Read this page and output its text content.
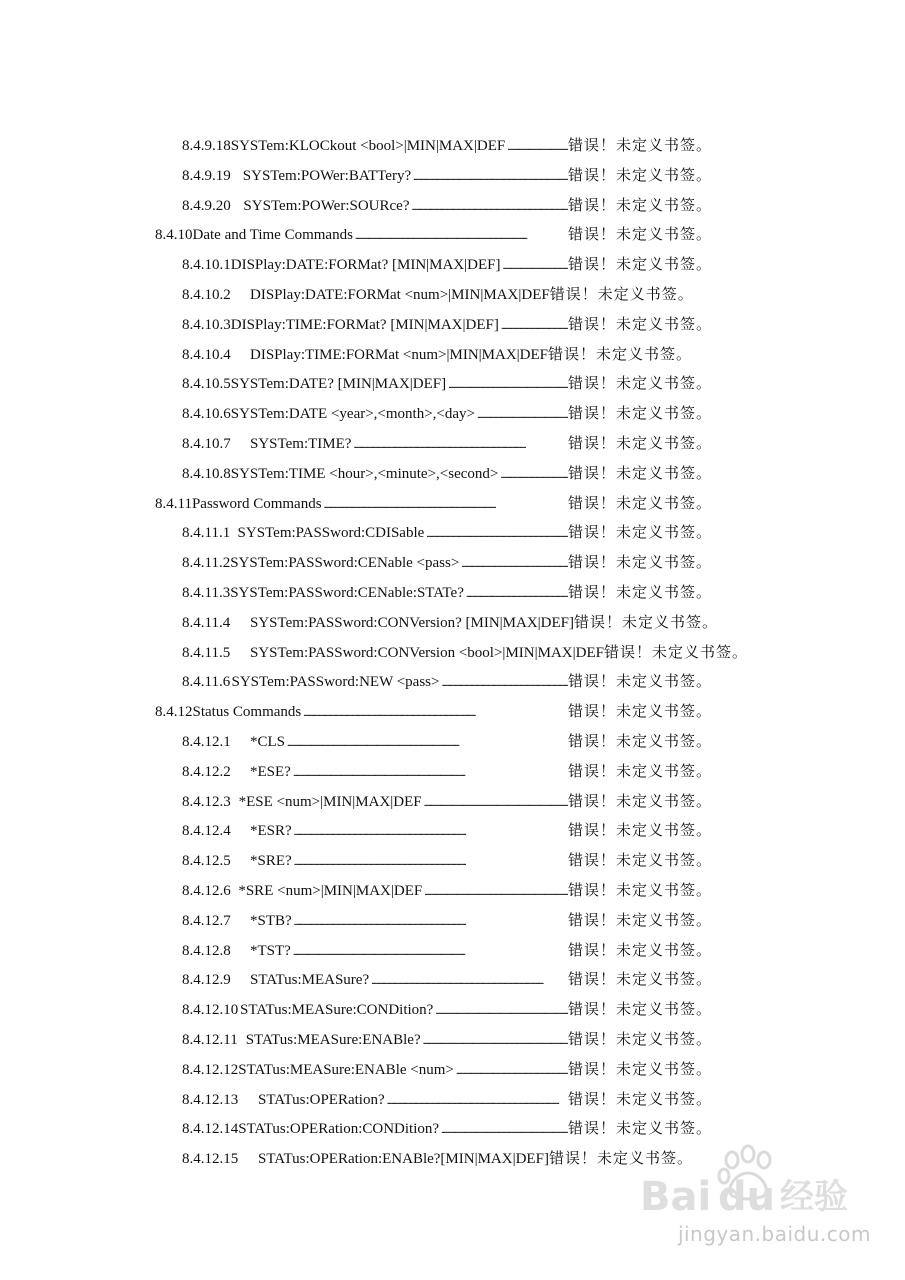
8.4.9.18 SYSTem:KLOCkout <bool>|MIN|MAX|DEF . . .	错误！未定义书签。
8.4.9.19 SYSTem:POWer:BATTery? . . .	错误！未定义书签。
8.4.9.20 SYSTem:POWer:SOURce? . . .	错误！未定义书签。
8.4.10 Date and Time Commands . . .	错误！未定义书签。
8.4.10.1 DISPlay:DATE:FORMat? [MIN|MAX|DEF] . . .	错误！未定义书签。
8.4.10.2	DISPlay:DATE:FORMat <num>|MIN|MAX|DEF 错误！未定义书签。
8.4.10.3 DISPlay:TIME:FORMat? [MIN|MAX|DEF] . . .	错误！未定义书签。
8.4.10.4	DISPlay:TIME:FORMat <num>|MIN|MAX|DEF 错误！未定义书签。
8.4.10.5 SYSTem:DATE? [MIN|MAX|DEF] . . .	错误！未定义书签。
8.4.10.6 SYSTem:DATE <year>,<month>,<day> . . .	错误！未定义书签。
8.4.10.7	SYSTem:TIME? . . .	错误！未定义书签。
8.4.10.8 SYSTem:TIME <hour>,<minute>,<second> . . .	错误！未定义书签。
8.4.11 Password Commands . . .	错误！未定义书签。
8.4.11.1 SYSTem:PASSword:CDISable . . .	错误！未定义书签。
8.4.11.2 SYSTem:PASSword:CENable <pass> . . .	错误！未定义书签。
8.4.11.3 SYSTem:PASSword:CENable:STATe? . . .	错误！未定义书签。
8.4.11.4	SYSTem:PASSword:CONVersion? [MIN|MAX|DEF] 错误！未定义书签。
8.4.11.5	SYSTem:PASSword:CONVersion <bool>|MIN|MAX|DEF 错误！未定义书签。
8.4.11.6 SYSTem:PASSword:NEW <pass> . . .	错误！未定义书签。
8.4.12 Status Commands . . .	错误！未定义书签。
8.4.12.1	*CLS . . .	错误！未定义书签。
8.4.12.2	*ESE? . . .	错误！未定义书签。
8.4.12.3 *ESE <num>|MIN|MAX|DEF . . .	错误！未定义书签。
8.4.12.4	*ESR? . . .	错误！未定义书签。
8.4.12.5	*SRE? . . .	错误！未定义书签。
8.4.12.6 *SRE <num>|MIN|MAX|DEF . . .	错误！未定义书签。
8.4.12.7	*STB? . . .	错误！未定义书签。
8.4.12.8	*TST? . . .	错误！未定义书签。
8.4.12.9	STATus:MEASure? . . .	错误！未定义书签。
8.4.12.10 STATus:MEASure:CONDition? . . .	错误！未定义书签。
8.4.12.11 STATus:MEASure:ENABle? . . .	错误！未定义书签。
8.4.12.12 STATus:MEASure:ENABle <num> . . .	错误！未定义书签。
8.4.12.13	STATus:OPERation? . . .	错误！未定义书签。
8.4.12.14 STATus:OPERation:CONDition? . . .	错误！未定义书签。
8.4.12.15	STATus:OPERation:ENABle?[MIN|MAX|DEF] 错误！未定义书签。
Bai du 经验
jingyan.baidu.com
